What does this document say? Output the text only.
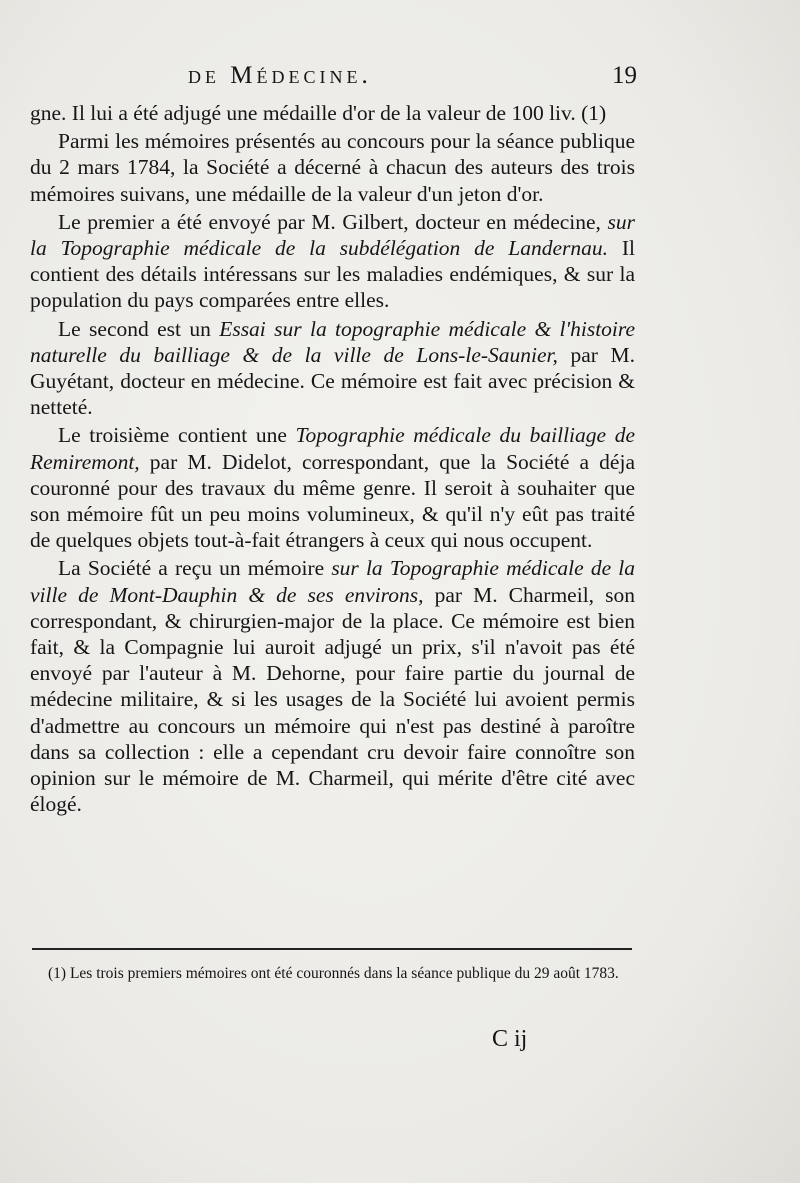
de Médecine.	19

gne. Il lui a été adjugé une médaille d'or de la valeur de 100 liv. (1)

Parmi les mémoires présentés au concours pour la séance publique du 2 mars 1784, la Société a décerné à chacun des auteurs des trois mémoires suivans, une médaille de la valeur d'un jeton d'or.

Le premier a été envoyé par M. Gilbert, docteur en médecine, sur la Topographie médicale de la subdélégation de Landernau. Il contient des détails intéressans sur les maladies endémiques, & sur la population du pays comparées entre elles.

Le second est un Essai sur la topographie médicale & l'histoire naturelle du bailliage & de la ville de Lons-le-Saunier, par M. Guyétant, docteur en médecine. Ce mémoire est fait avec précision & netteté.

Le troisième contient une Topographie médicale du bailliage de Remiremont, par M. Didelot, correspondant, que la Société a déja couronné pour des travaux du même genre. Il seroit à souhaiter que son mémoire fût un peu moins volumineux, & qu'il n'y eût pas traité de quelques objets tout-à-fait étrangers à ceux qui nous occupent.

La Société a reçu un mémoire sur la Topographie médicale de la ville de Mont-Dauphin & de ses environs, par M. Charmeil, son correspondant, & chirurgien-major de la place. Ce mémoire est bien fait, & la Compagnie lui auroit adjugé un prix, s'il n'avoit pas été envoyé par l'auteur à M. Dehorne, pour faire partie du journal de médecine militaire, & si les usages de la Société lui avoient permis d'admettre au concours un mémoire qui n'est pas destiné à paroître dans sa collection : elle a cependant cru devoir faire connoître son opinion sur le mémoire de M. Charmeil, qui mérite d'être cité avec élogé.

(1) Les trois premiers mémoires ont été couronnés dans la séance publique du 29 août 1783.
C ij
